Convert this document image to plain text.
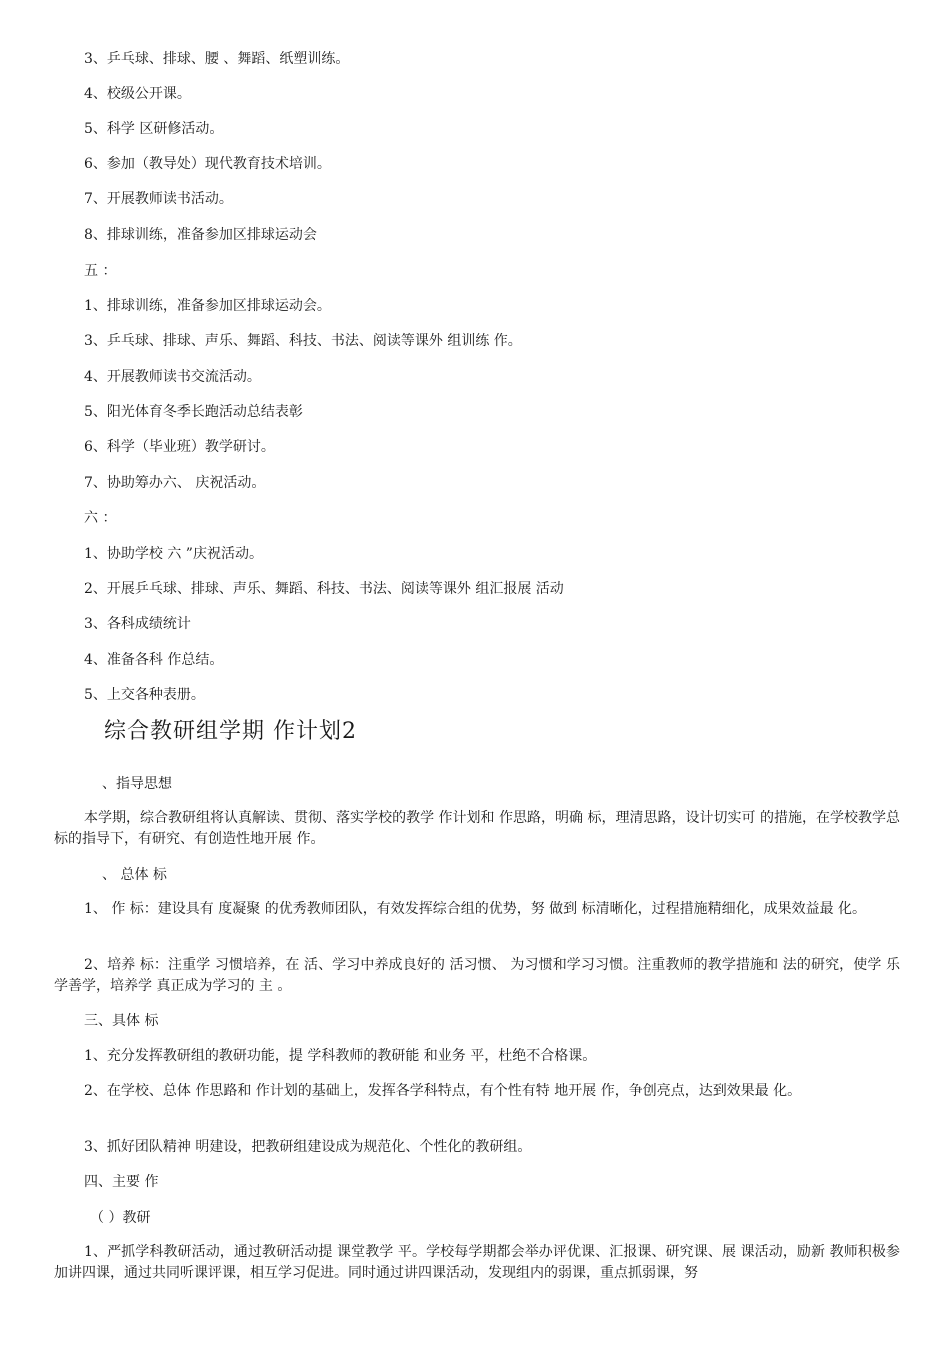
3、乒乓球、排球、腰 、舞蹈、纸塑训练。
4、校级公开课。
5、科学 区研修活动。
6、参加（教导处）现代教育技术培训。
7、开展教师读书活动。
8、排球训练，准备参加区排球运动会
五 ：
1、排球训练，准备参加区排球运动会。
3、乒乓球、排球、声乐、舞蹈、科技、书法、阅读等课外 组训练 作。
4、开展教师读书交流活动。
5、阳光体育冬季长跑活动总结表彰
6、科学（毕业班）教学研讨。
7、协助筹办六、 庆祝活动。
六 ：
1、协助学校 六 ”庆祝活动。
2、开展乒乓球、排球、声乐、舞蹈、科技、书法、阅读等课外 组汇报展 活动
3、各科成绩统计
4、准备各科 作总结。
5、上交各种表册。
综合教研组学期 作计划2
、指导思想
本学期，综合教研组将认真解读、贯彻、落实学校的教学 作计划和 作思路，明确 标，理清思路，设计切实可 的措施，在学校教学总 标的指导下，有研究、有创造性地开展 作。
、 总体 标
1、 作 标：建设具有 度凝聚 的优秀教师团队，有效发挥综合组的优势，努 做到 标清晰化，过程措施精细化，成果效益最 化。
2、培养 标：注重学 习惯培养，在 活、学习中养成良好的 活习惯、 为习惯和学习习惯。注重教师的教学措施和 法的研究，使学 乐学善学，培养学 真正成为学习的 主 。
三、具体 标
1、充分发挥教研组的教研功能，提 学科教师的教研能 和业务 平，杜绝不合格课。
2、在学校、总体 作思路和 作计划的基础上，发挥各学科特点，有个性有特 地开展 作，争创亮点，达到效果最 化。
3、抓好团队精神 明建设，把教研组建设成为规范化、个性化的教研组。
四、主要 作
（ ）教研
1、严抓学科教研活动，通过教研活动提 课堂教学 平。学校每学期都会举办评优课、汇报课、研究课、展 课活动，励新 教师积极参加讲四课，通过共同听课评课，相互学习促进。同时通过讲四课活动，发现组内的弱课，重点抓弱课，努
